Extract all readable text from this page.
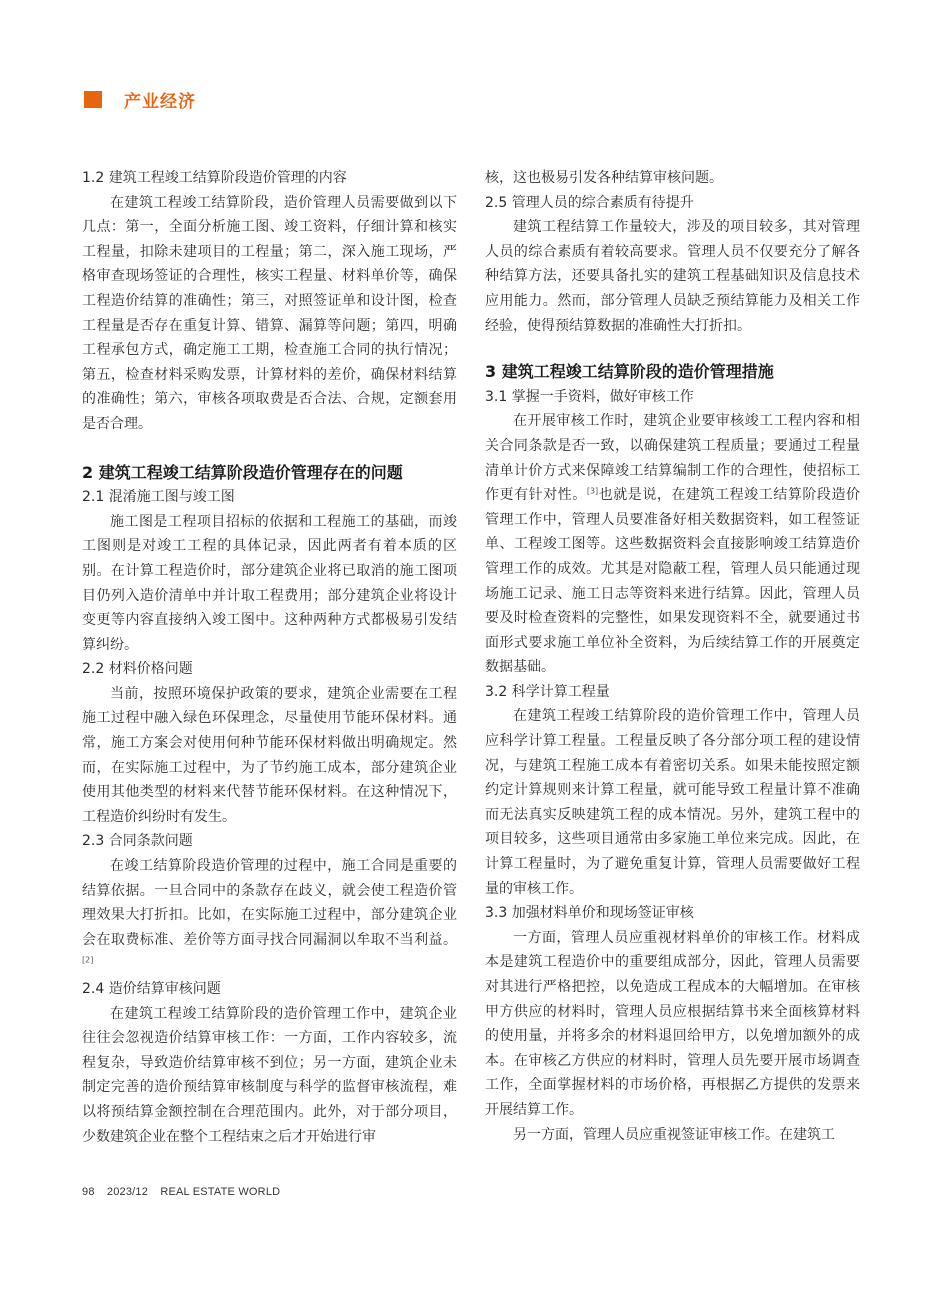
产业经济

1.2 建筑工程竣工结算阶段造价管理的内容

在建筑工程竣工结算阶段，造价管理人员需要做到以下几点：第一，全面分析施工图、竣工资料，仔细计算和核实工程量，扣除未建项目的工程量；第二，深入施工现场，严格审查现场签证的合理性，核实工程量、材料单价等，确保工程造价结算的准确性；第三，对照签证单和设计图，检查工程量是否存在重复计算、错算、漏算等问题；第四，明确工程承包方式，确定施工工期，检查施工合同的执行情况；第五，检查材料采购发票，计算材料的差价，确保材料结算的准确性；第六，审核各项取费是否合法、合规，定额套用是否合理。

2 建筑工程竣工结算阶段造价管理存在的问题

2.1 混淆施工图与竣工图

施工图是工程项目招标的依据和工程施工的基础，而竣工图则是对竣工工程的具体记录，因此两者有着本质的区别。在计算工程造价时，部分建筑企业将已取消的施工图项目仍列入造价清单中并计取工程费用；部分建筑企业将设计变更等内容直接纳入竣工图中。这种两种方式都极易引发结算纠纷。

2.2 材料价格问题

当前，按照环境保护政策的要求，建筑企业需要在工程施工过程中融入绿色环保理念，尽量使用节能环保材料。通常，施工方案会对使用何种节能环保材料做出明确规定。然而，在实际施工过程中，为了节约施工成本，部分建筑企业使用其他类型的材料来代替节能环保材料。在这种情况下，工程造价纠纷时有发生。

2.3 合同条款问题

在竣工结算阶段造价管理的过程中，施工合同是重要的结算依据。一旦合同中的条款存在歧义，就会使工程造价管理效果大打折扣。比如，在实际施工过程中，部分建筑企业会在取费标准、差价等方面寻找合同漏洞以牟取不当利益。[2]

2.4 造价结算审核问题

在建筑工程竣工结算阶段的造价管理工作中，建筑企业往往会忽视造价结算审核工作：一方面，工作内容较多，流程复杂，导致造价结算审核不到位；另一方面，建筑企业未制定完善的造价预结算审核制度与科学的监督审核流程，难以将预结算金额控制在合理范围内。此外，对于部分项目，少数建筑企业在整个工程结束之后才开始进行审

核，这也极易引发各种结算审核问题。

2.5 管理人员的综合素质有待提升

建筑工程结算工作量较大，涉及的项目较多，其对管理人员的综合素质有着较高要求。管理人员不仅要充分了解各种结算方法，还要具备扎实的建筑工程基础知识及信息技术应用能力。然而，部分管理人员缺乏预结算能力及相关工作经验，使得预结算数据的准确性大打折扣。

3 建筑工程竣工结算阶段的造价管理措施

3.1 掌握一手资料，做好审核工作

在开展审核工作时，建筑企业要审核竣工工程内容和相关合同条款是否一致，以确保建筑工程质量；要通过工程量清单计价方式来保障竣工结算编制工作的合理性，使招标工作更有针对性。[3]也就是说，在建筑工程竣工结算阶段造价管理工作中，管理人员要准备好相关数据资料，如工程签证单、工程竣工图等。这些数据资料会直接影响竣工结算造价管理工作的成效。尤其是对隐蔽工程，管理人员只能通过现场施工记录、施工日志等资料来进行结算。因此，管理人员要及时检查资料的完整性，如果发现资料不全，就要通过书面形式要求施工单位补全资料，为后续结算工作的开展奠定数据基础。

3.2 科学计算工程量

在建筑工程竣工结算阶段的造价管理工作中，管理人员应科学计算工程量。工程量反映了各分部分项工程的建设情况，与建筑工程施工成本有着密切关系。如果未能按照定额约定计算规则来计算工程量，就可能导致工程量计算不准确而无法真实反映建筑工程的成本情况。另外，建筑工程中的项目较多，这些项目通常由多家施工单位来完成。因此，在计算工程量时，为了避免重复计算，管理人员需要做好工程量的审核工作。

3.3 加强材料单价和现场签证审核

一方面，管理人员应重视材料单价的审核工作。材料成本是建筑工程造价中的重要组成部分，因此，管理人员需要对其进行严格把控，以免造成工程成本的大幅增加。在审核甲方供应的材料时，管理人员应根据结算书来全面核算材料的使用量，并将多余的材料退回给甲方，以免增加额外的成本。在审核乙方供应的材料时，管理人员先要开展市场调查工作，全面掌握材料的市场价格，再根据乙方提供的发票来开展结算工作。

另一方面，管理人员应重视签证审核工作。在建筑工

98 2023/12 REAL ESTATE WORLD
